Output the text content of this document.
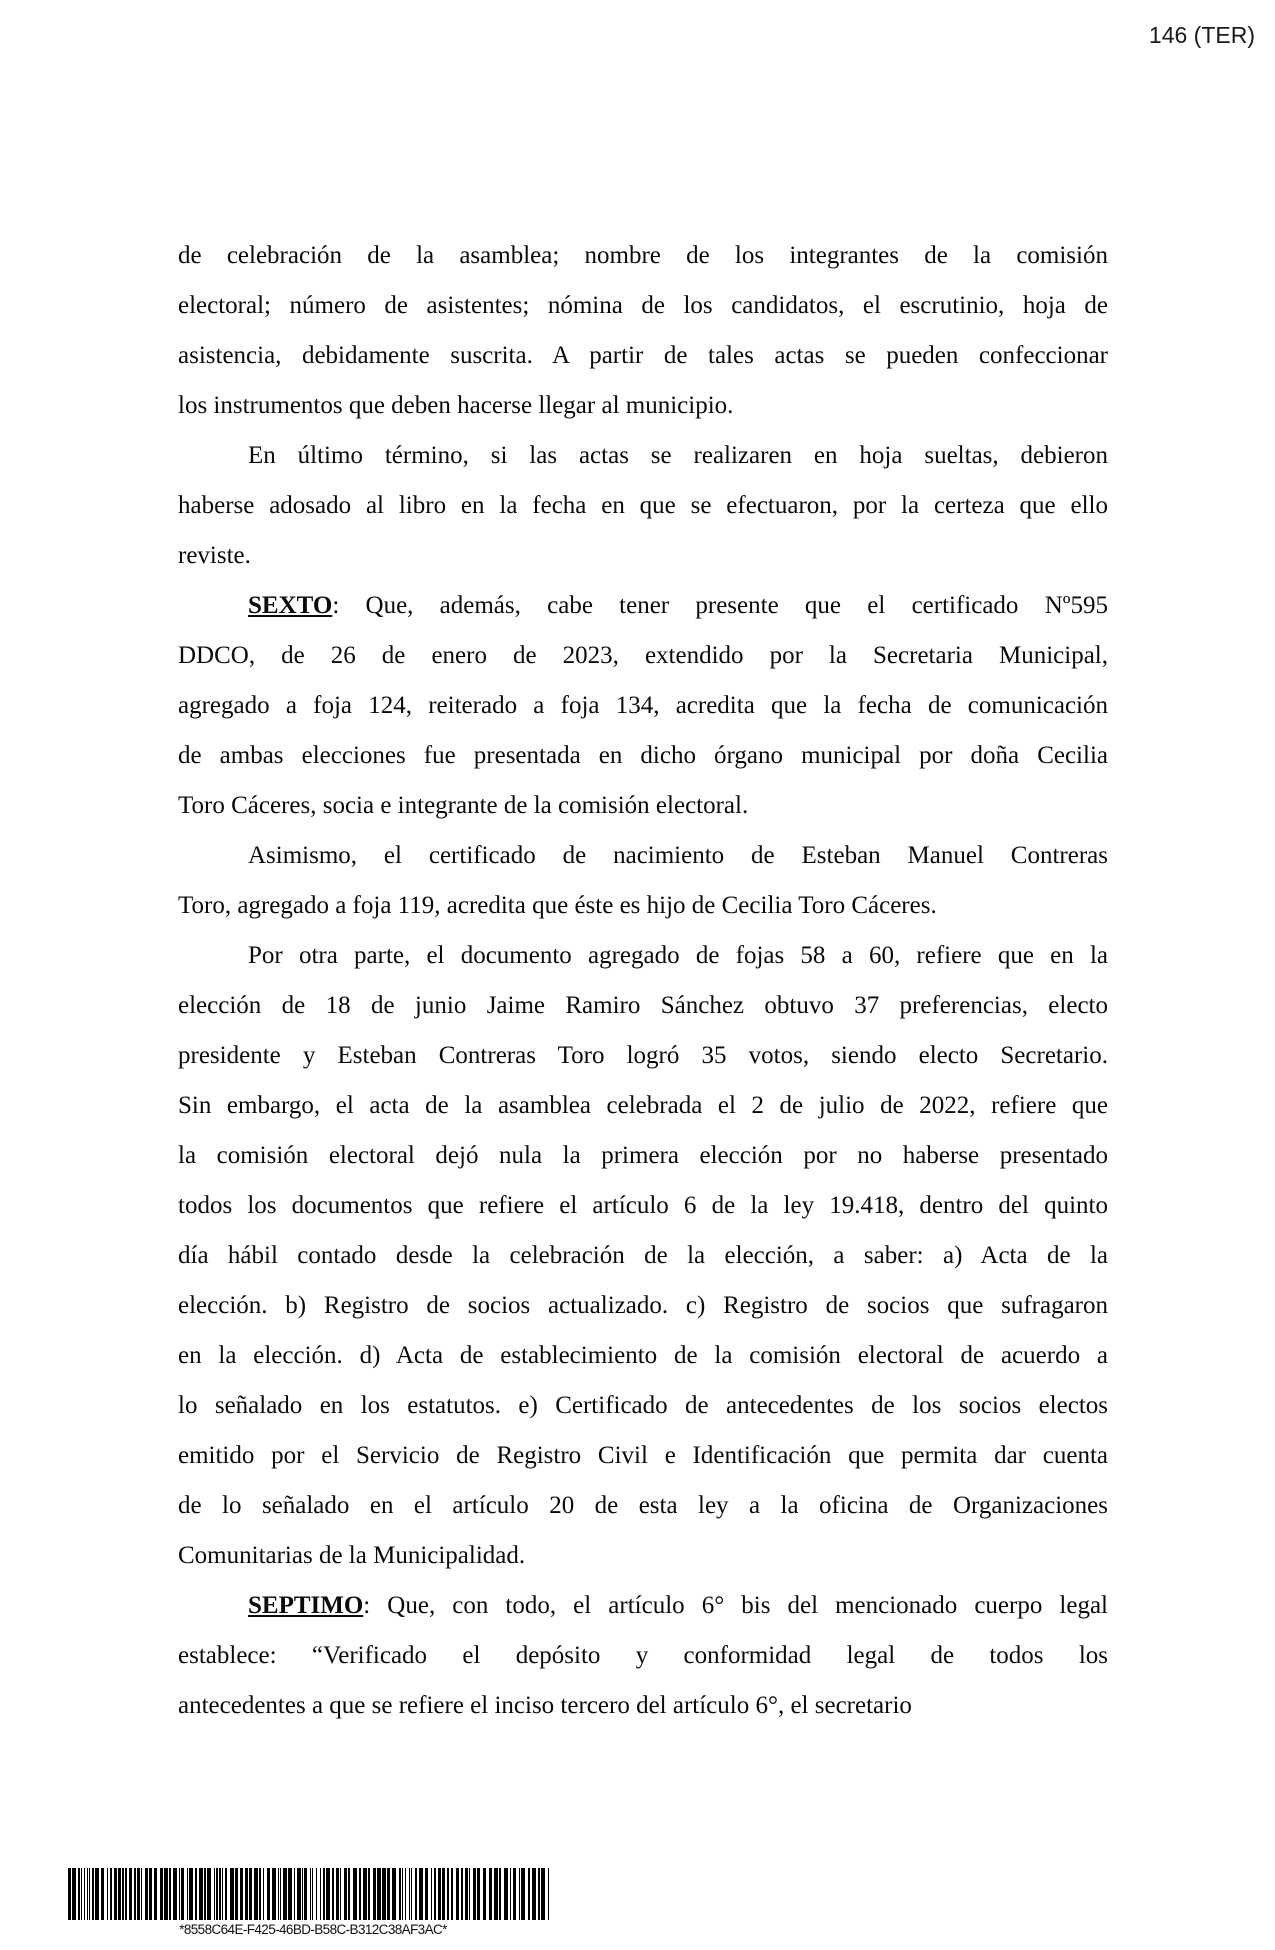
146 (TER)
de celebración de la asamblea; nombre de los integrantes de la comisión
electoral; número de asistentes; nómina de los candidatos, el escrutinio, hoja de
asistencia, debidamente suscrita. A partir de tales actas se pueden confeccionar
los instrumentos que deben hacerse llegar al municipio.
En último término, si las actas se realizaren en hoja sueltas, debieron
haberse adosado al libro en la fecha en que se efectuaron, por la certeza que ello
reviste.
SEXTO: Que, además, cabe tener presente que el certificado Nº595
DDCO, de 26 de enero de 2023, extendido por la Secretaria Municipal,
agregado a foja 124, reiterado a foja 134, acredita que la fecha de comunicación
de ambas elecciones fue presentada en dicho órgano municipal por doña Cecilia
Toro Cáceres, socia e integrante de la comisión electoral.
Asimismo, el certificado de nacimiento de Esteban Manuel Contreras
Toro, agregado a foja 119, acredita que éste es hijo de Cecilia Toro Cáceres.
Por otra parte, el documento agregado de fojas 58 a 60, refiere que en la
elección de 18 de junio Jaime Ramiro Sánchez obtuvo 37 preferencias, electo
presidente y Esteban Contreras Toro logró 35 votos, siendo electo Secretario.
Sin embargo, el acta de la asamblea celebrada el 2 de julio de 2022, refiere que
la comisión electoral dejó nula la primera elección por no haberse presentado
todos los documentos que refiere el artículo 6 de la ley 19.418, dentro del quinto
día hábil contado desde la celebración de la elección, a saber: a) Acta de la
elección. b) Registro de socios actualizado. c) Registro de socios que sufragaron
en la elección. d) Acta de establecimiento de la comisión electoral de acuerdo a
lo señalado en los estatutos. e) Certificado de antecedentes de los socios electos
emitido por el Servicio de Registro Civil e Identificación que permita dar cuenta
de lo señalado en el artículo 20 de esta ley a la oficina de Organizaciones
Comunitarias de la Municipalidad.
SEPTIMO: Que, con todo, el artículo 6° bis del mencionado cuerpo legal
establece: “Verificado el depósito y conformidad legal de todos los
antecedentes a que se refiere el inciso tercero del artículo 6°, el secretario
*8558C64E-F425-46BD-B58C-B312C38AF3AC*
